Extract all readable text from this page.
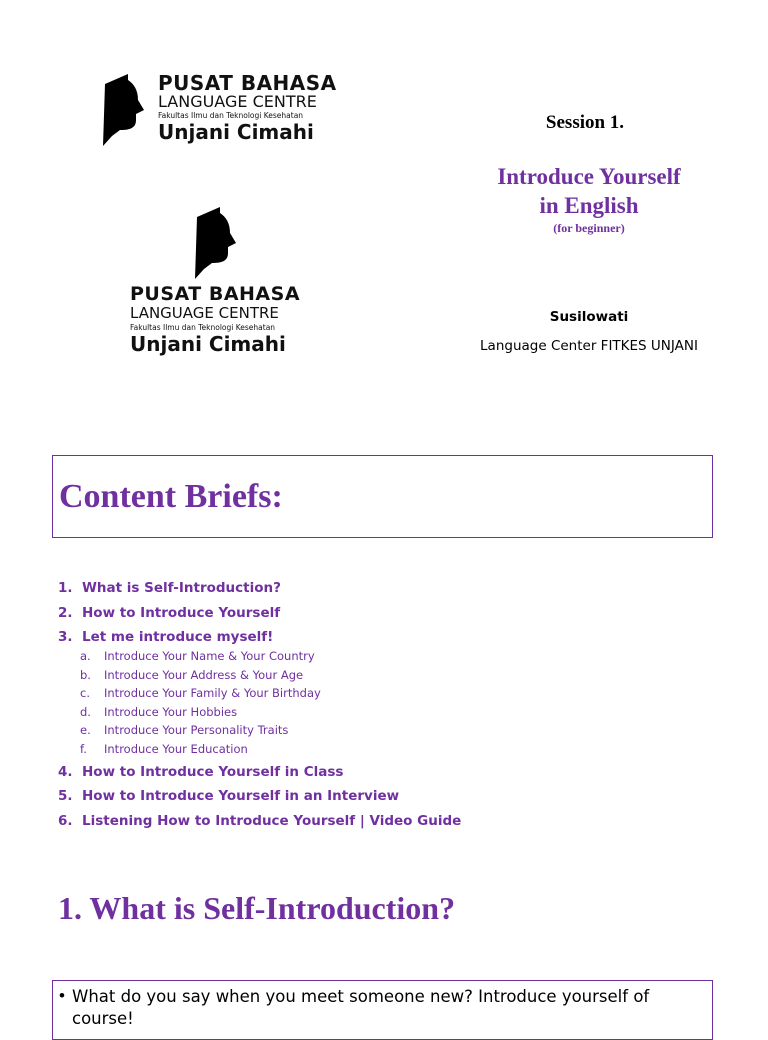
PUSAT BAHASA
LANGUAGE CENTRE
Fakultas Ilmu dan Teknologi Kesehatan
Unjani Cimahi
PUSAT BAHASA
LANGUAGE CENTRE
Fakultas Ilmu dan Teknologi Kesehatan
Unjani Cimahi
Session 1.
Introduce Yourself
in English
(for beginner)
Susilowati
Language Center FITKES UNJANI
Content Briefs:
1. What is Self-Introduction?
2. How to Introduce Yourself
3. Let me introduce myself!
a. Introduce Your Name & Your Country
b. Introduce Your Address & Your Age
c. Introduce Your Family & Your Birthday
d. Introduce Your Hobbies
e. Introduce Your Personality Traits
f. Introduce Your Education
4. How to Introduce Yourself in Class
5. How to Introduce Yourself in an Interview
6. Listening How to Introduce Yourself | Video Guide
1. What is Self-Introduction?
• What do you say when you meet someone new? Introduce yourself of course!
